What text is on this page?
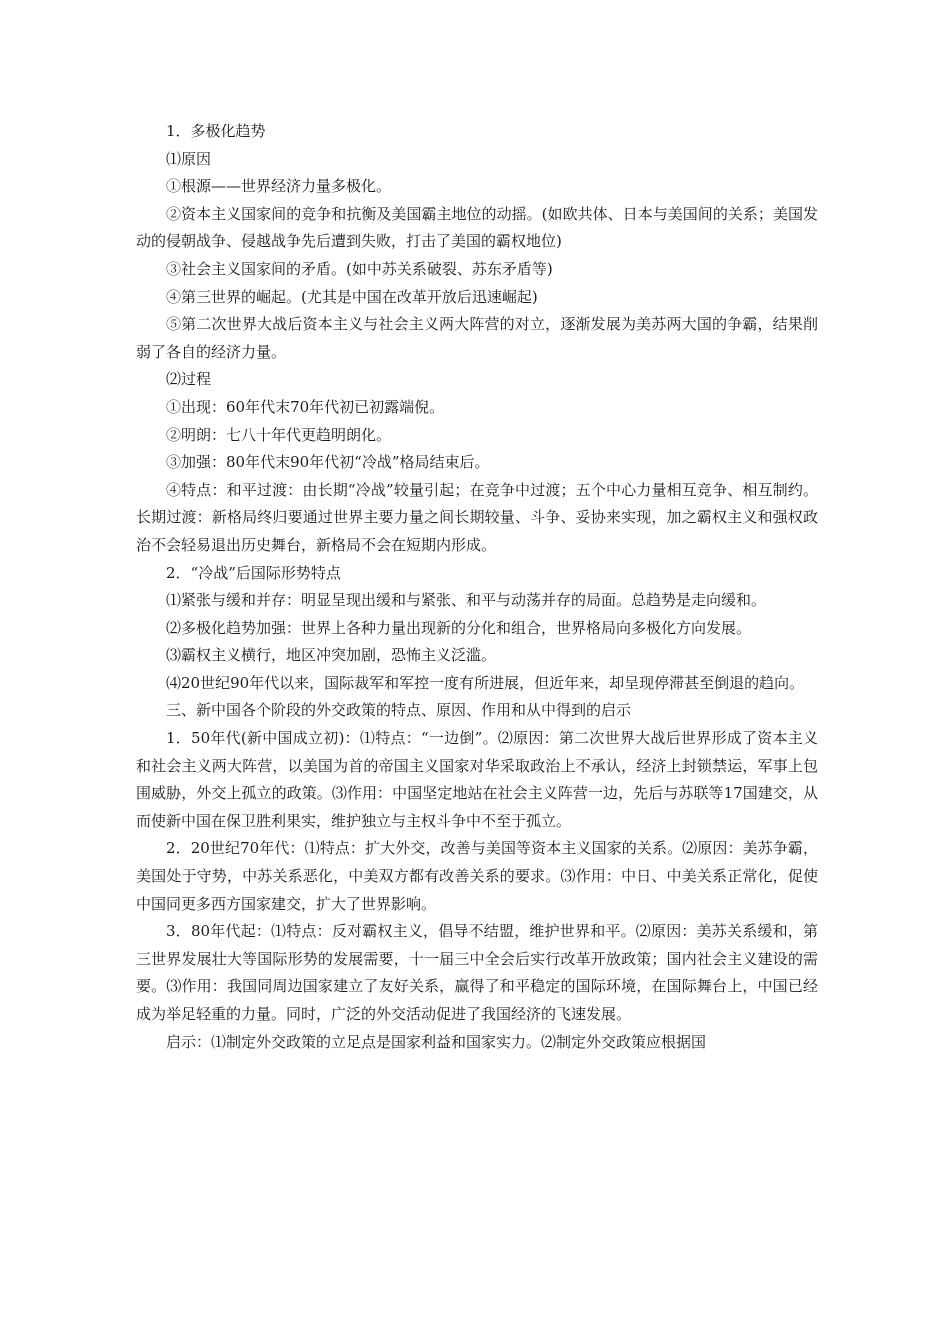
1．多极化趋势

⑴原因

①根源——世界经济力量多极化。

②资本主义国家间的竞争和抗衡及美国霸主地位的动摇。(如欧共体、日本与美国间的关系；美国发动的侵朝战争、侵越战争先后遭到失败，打击了美国的霸权地位)

③社会主义国家间的矛盾。(如中苏关系破裂、苏东矛盾等)

④第三世界的崛起。(尤其是中国在改革开放后迅速崛起)

⑤第二次世界大战后资本主义与社会主义两大阵营的对立，逐渐发展为美苏两大国的争霸，结果削弱了各自的经济力量。

⑵过程

①出现：60年代末70年代初已初露端倪。

②明朗：七八十年代更趋明朗化。

③加强：80年代末90年代初“冷战”格局结束后。

④特点：和平过渡：由长期“冷战”较量引起；在竞争中过渡；五个中心力量相互竞争、相互制约。长期过渡：新格局终归要通过世界主要力量之间长期较量、斗争、妥协来实现，加之霸权主义和强权政治不会轻易退出历史舞台，新格局不会在短期内形成。

2．“冷战”后国际形势特点

⑴紧张与缓和并存：明显呈现出缓和与紧张、和平与动荡并存的局面。总趋势是走向缓和。

⑵多极化趋势加强：世界上各种力量出现新的分化和组合，世界格局向多极化方向发展。

⑶霸权主义横行，地区冲突加剧，恐怖主义泛滥。

⑷20世纪90年代以来，国际裁军和军控一度有所进展，但近年来，却呈现停滞甚至倒退的趋向。

三、新中国各个阶段的外交政策的特点、原因、作用和从中得到的启示

1．50年代(新中国成立初)：⑴特点：“一边倒”。⑵原因：第二次世界大战后世界形成了资本主义和社会主义两大阵营，以美国为首的帝国主义国家对华采取政治上不承认，经济上封锁禁运，军事上包围威胁，外交上孤立的政策。⑶作用：中国坚定地站在社会主义阵营一边，先后与苏联等17国建交，从而使新中国在保卫胜利果实，维护独立与主权斗争中不至于孤立。

2．20世纪70年代：⑴特点：扩大外交，改善与美国等资本主义国家的关系。⑵原因：美苏争霸，美国处于守势，中苏关系恶化，中美双方都有改善关系的要求。⑶作用：中日、中美关系正常化，促使中国同更多西方国家建交，扩大了世界影响。

3．80年代起：⑴特点：反对霸权主义，倡导不结盟，维护世界和平。⑵原因：美苏关系缓和，第三世界发展壮大等国际形势的发展需要，十一届三中全会后实行改革开放政策；国内社会主义建设的需要。⑶作用：我国同周边国家建立了友好关系，赢得了和平稳定的国际环境，在国际舞台上，中国已经成为举足轻重的力量。同时，广泛的外交活动促进了我国经济的飞速发展。

启示：⑴制定外交政策的立足点是国家利益和国家实力。⑵制定外交政策应根据国
